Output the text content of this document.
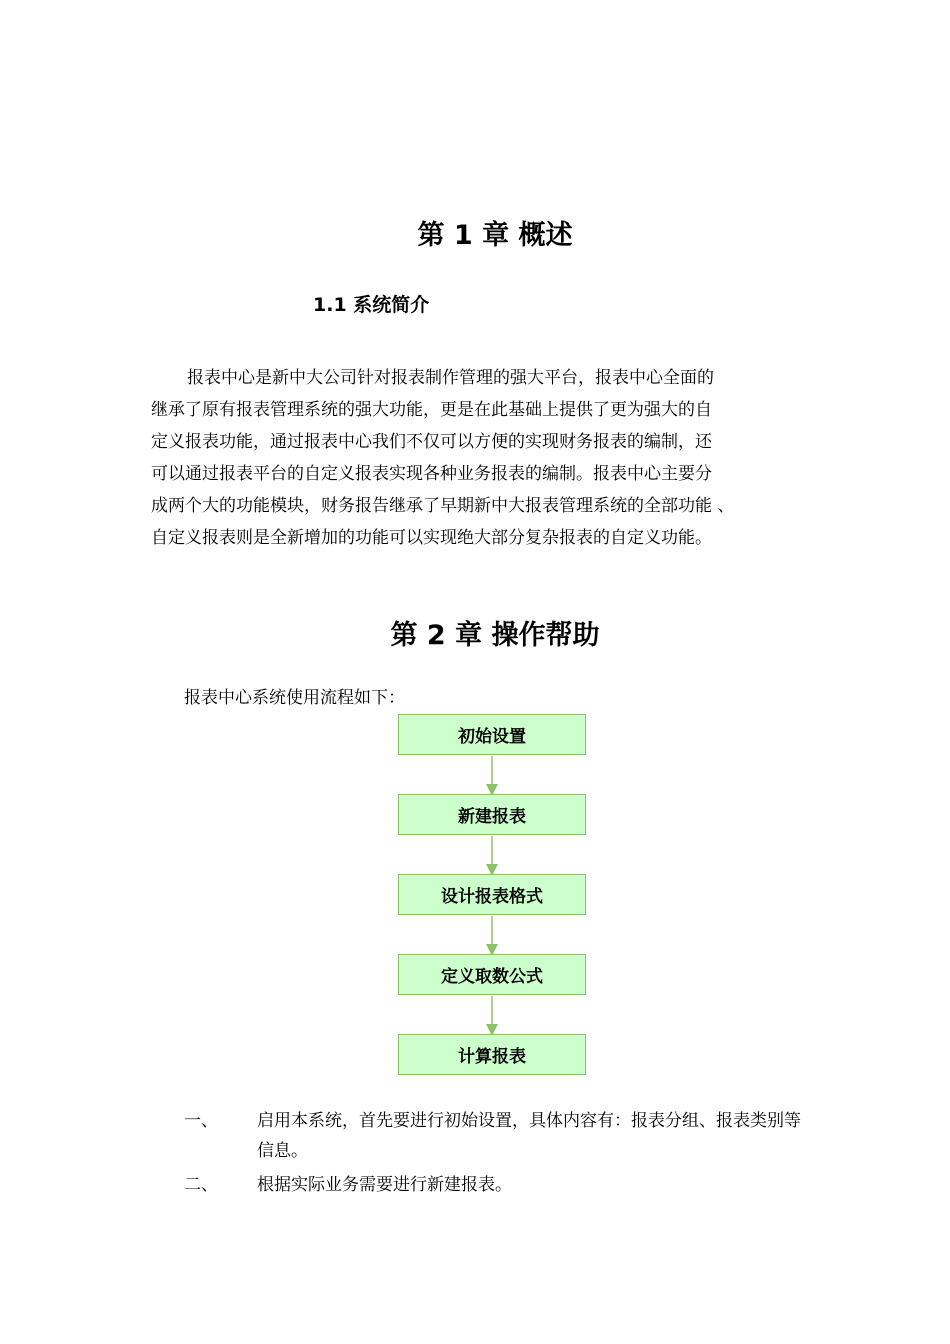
第 1 章 概述
1.1 系统简介
报表中心是新中大公司针对报表制作管理的强大平台，报表中心全面的
继承了原有报表管理系统的强大功能，更是在此基础上提供了更为强大的自
定义报表功能，通过报表中心我们不仅可以方便的实现财务报表的编制，还
可以通过报表平台的自定义报表实现各种业务报表的编制。报表中心主要分
成两个大的功能模块，财务报告继承了早期新中大报表管理系统的全部功能 、
自定义报表则是全新增加的功能可以实现绝大部分复杂报表的自定义功能。
第 2 章 操作帮助
报表中心系统使用流程如下：
初始设置
新建报表
设计报表格式
定义取数公式
计算报表
一、	启用本系统，首先要进行初始设置，具体内容有：报表分组、报表类别等信息。
二、	根据实际业务需要进行新建报表。
